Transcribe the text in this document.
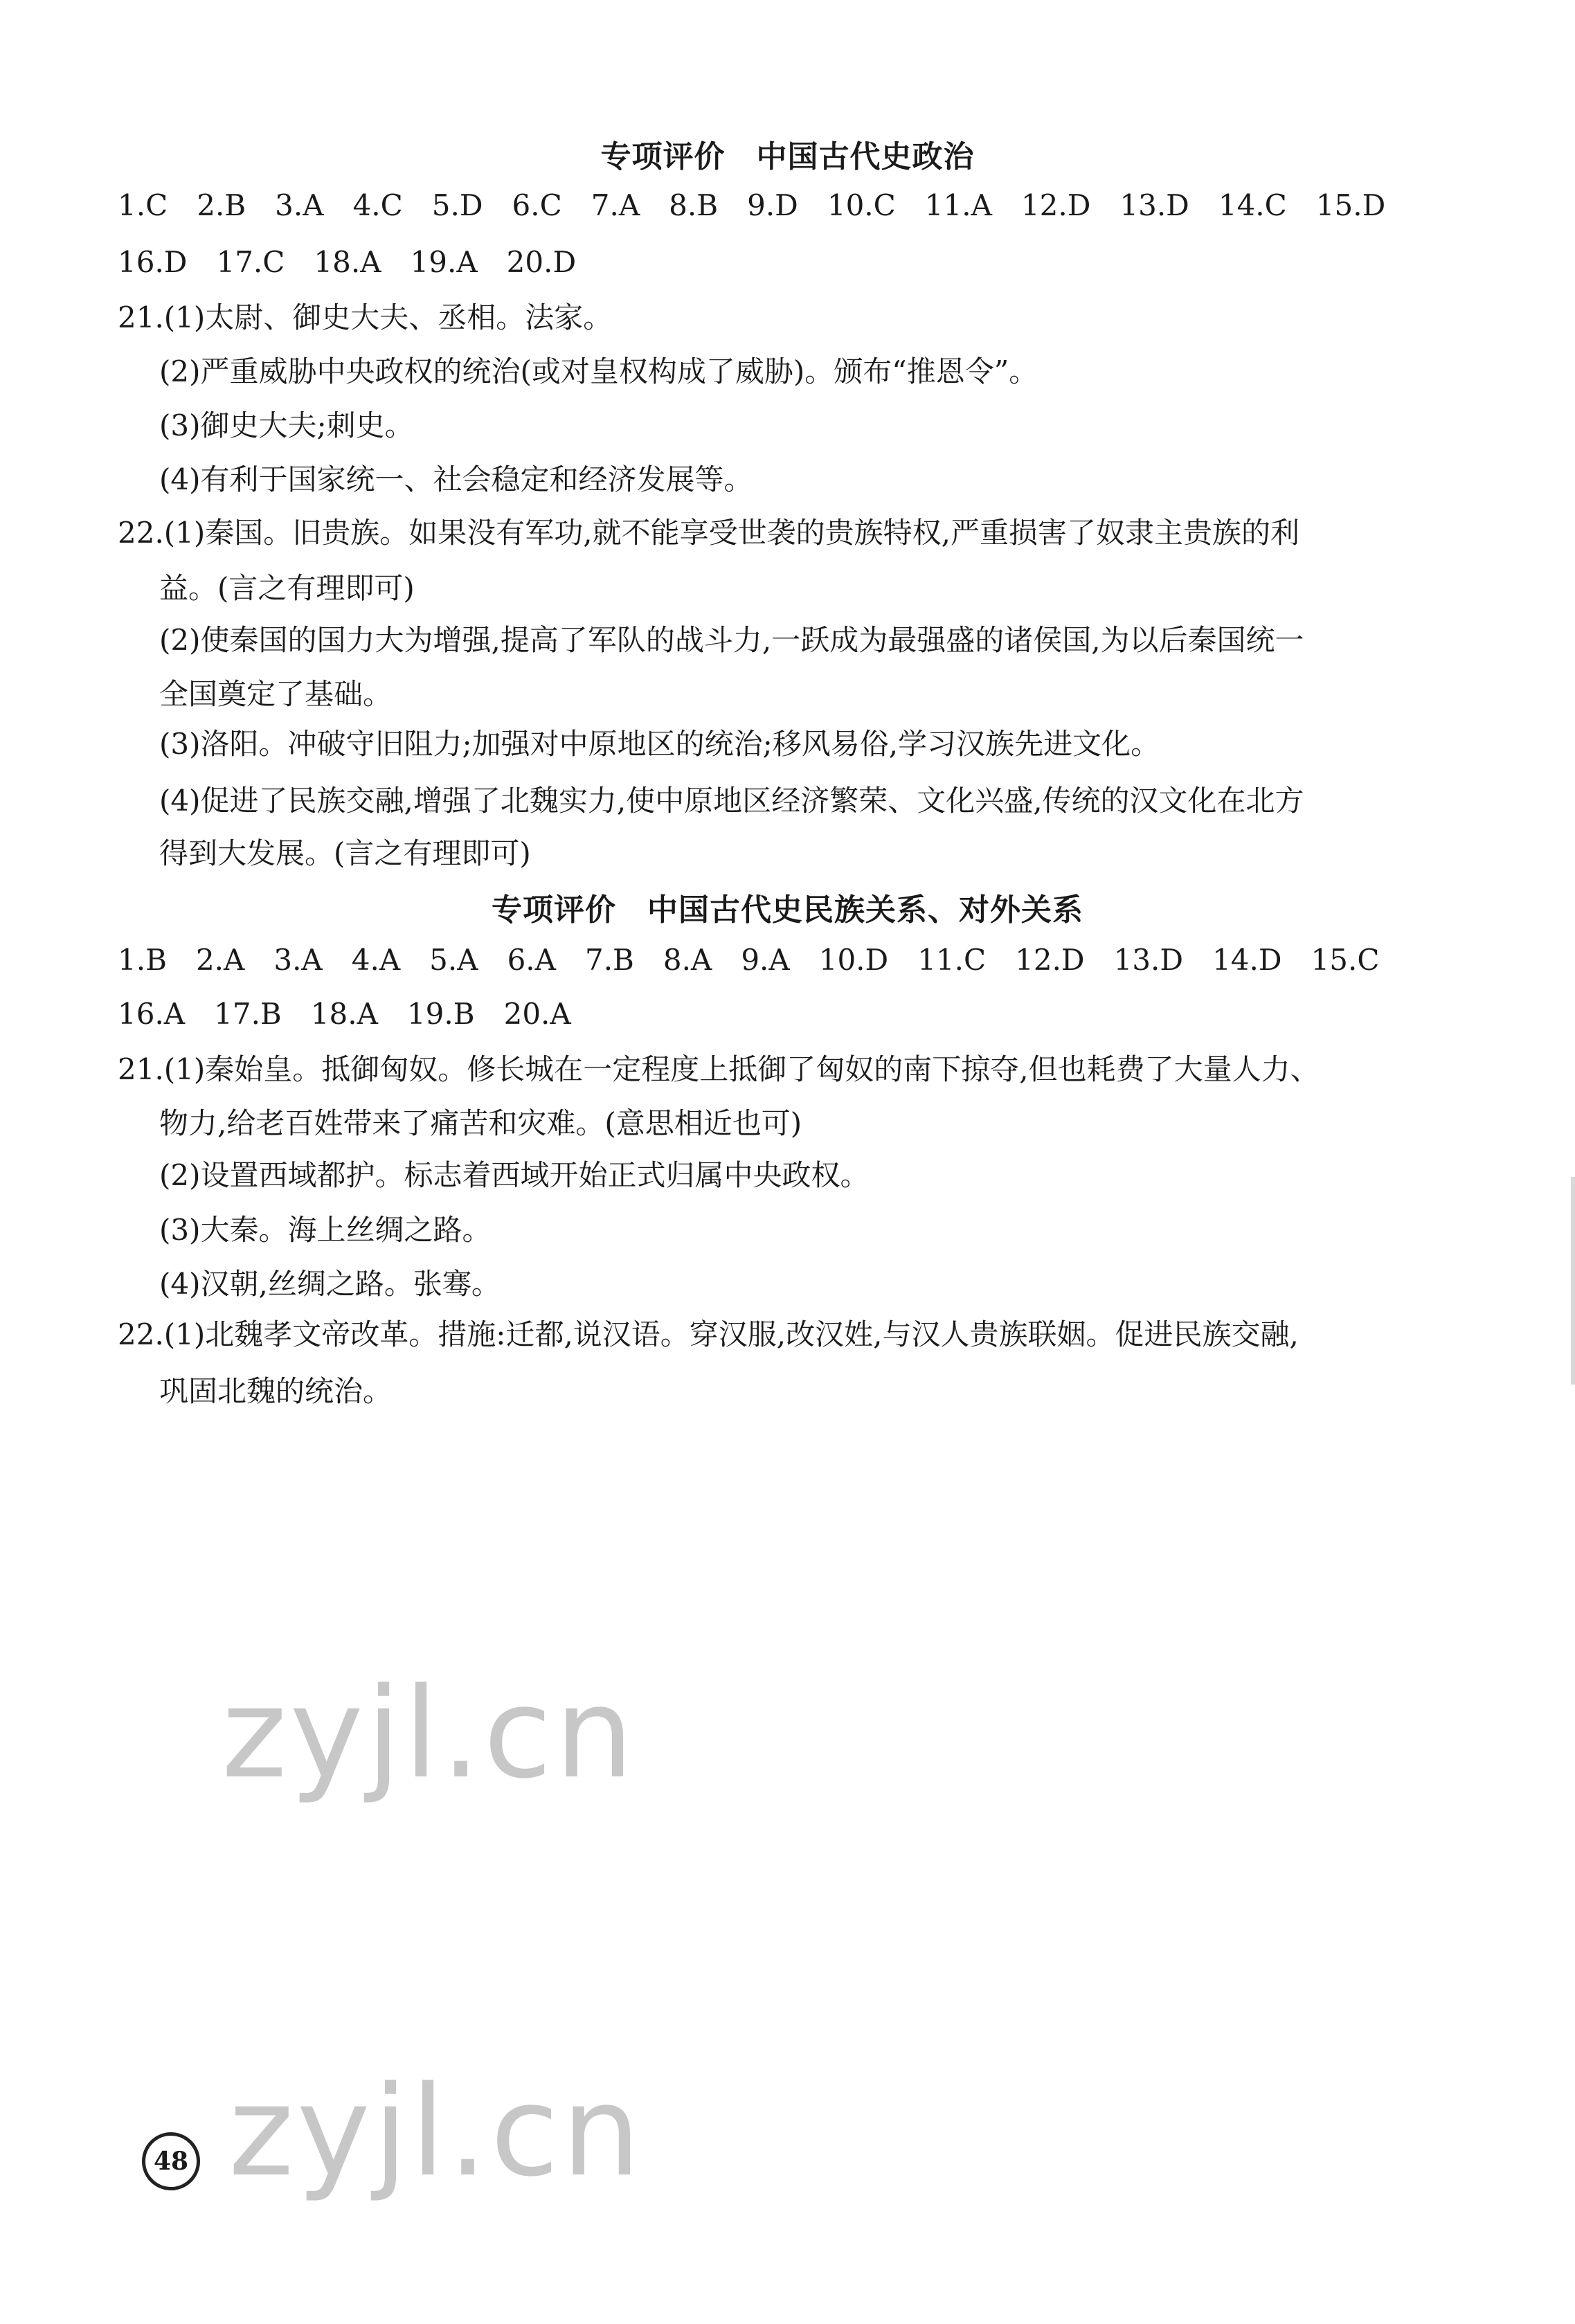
专项评价　中国古代史政治
1.C 2.B 3.A 4.C 5.D 6.C 7.A 8.B 9.D 10.C 11.A 12.D 13.D 14.C 15.D
16.D 17.C 18.A 19.A 20.D
21.(1)太尉、御史大夫、丞相。法家。
(2)严重威胁中央政权的统治(或对皇权构成了威胁)。颁布“推恩令”。
(3)御史大夫;刺史。
(4)有利于国家统一、社会稳定和经济发展等。
22.(1)秦国。旧贵族。如果没有军功,就不能享受世袭的贵族特权,严重损害了奴隶主贵族的利
益。(言之有理即可)
(2)使秦国的国力大为增强,提高了军队的战斗力,一跃成为最强盛的诸侯国,为以后秦国统一
全国奠定了基础。
(3)洛阳。冲破守旧阻力;加强对中原地区的统治;移风易俗,学习汉族先进文化。
(4)促进了民族交融,增强了北魏实力,使中原地区经济繁荣、文化兴盛,传统的汉文化在北方
得到大发展。(言之有理即可)
专项评价　中国古代史民族关系、对外关系
1.B 2.A 3.A 4.A 5.A 6.A 7.B 8.A 9.A 10.D 11.C 12.D 13.D 14.D 15.C
16.A 17.B 18.A 19.B 20.A
21.(1)秦始皇。抵御匈奴。修长城在一定程度上抵御了匈奴的南下掠夺,但也耗费了大量人力、
物力,给老百姓带来了痛苦和灾难。(意思相近也可)
(2)设置西域都护。标志着西域开始正式归属中央政权。
(3)大秦。海上丝绸之路。
(4)汉朝,丝绸之路。张骞。
22.(1)北魏孝文帝改革。措施:迁都,说汉语。穿汉服,改汉姓,与汉人贵族联姻。促进民族交融,
巩固北魏的统治。
zyjl.cn
zyjl.cn
48
